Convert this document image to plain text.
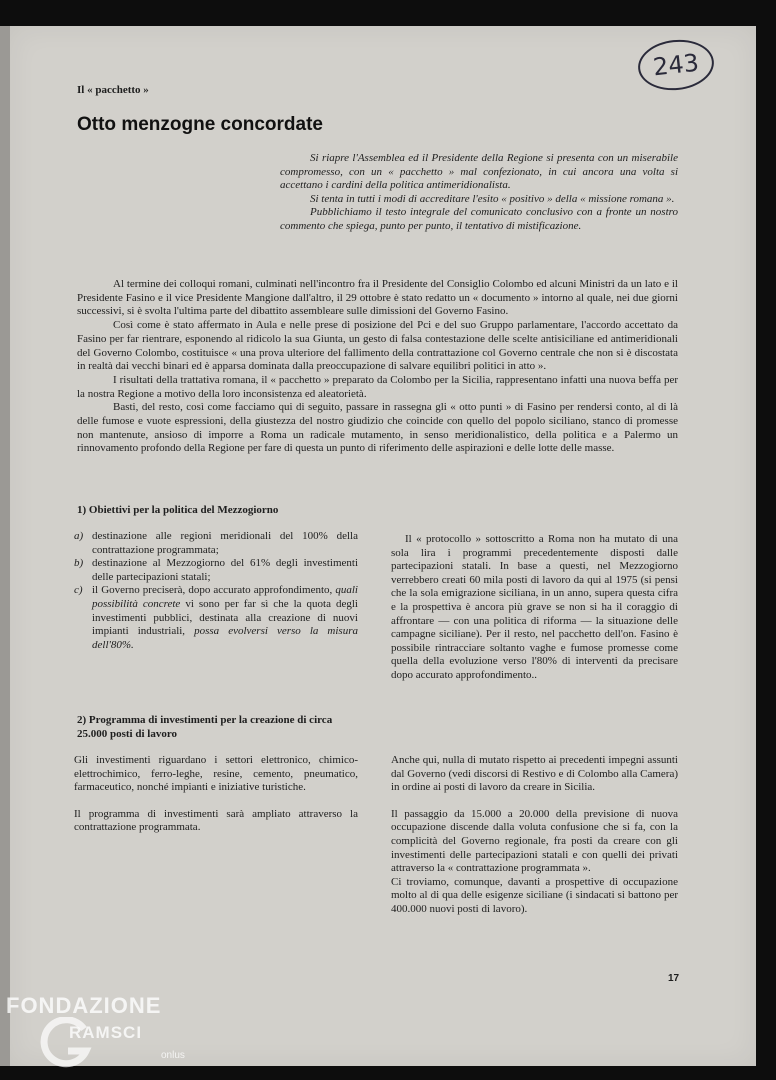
243
Il « pacchetto »
Otto menzogne concordate

Si riapre l'Assemblea ed il Presidente della Regione si presenta con un miserabile compromesso, con un « pacchetto » mal confezionato, in cui ancora una volta si accettano i cardini della politica antimeridionalista.

Si tenta in tutti i modi di accreditare l'esito « positivo » della « missione romana ».

Pubblichiamo il testo integrale del comunicato conclusivo con a fronte un nostro commento che spiega, punto per punto, il tentativo di mistificazione.

Al termine dei colloqui romani, culminati nell'incontro fra il Presidente del Consiglio Colombo ed alcuni Ministri da un lato e il Presidente Fasino e il vice Presidente Mangione dall'altro, il 29 ottobre è stato redatto un « documento » intorno al quale, nei due giorni successivi, si è svolta l'ultima parte del dibattito assembleare sulle dimissioni del Governo Fasino.

Così come è stato affermato in Aula e nelle prese di posizione del Pci e del suo Gruppo parlamentare, l'accordo accettato da Fasino per far rientrare, esponendo al ridicolo la sua Giunta, un gesto di falsa contestazione delle scelte antisiciliane ed antimeridionali del Governo Colombo, costituisce « una prova ulteriore del fallimento della contrattazione col Governo centrale che non si è discostata in realtà dai vecchi binari ed è apparsa dominata dalla preoccupazione di salvare equilibri politici in atto ».

I risultati della trattativa romana, il « pacchetto » preparato da Colombo per la Sicilia, rappresentano infatti una nuova beffa per la nostra Regione a motivo della loro inconsistenza ed aleatorietà.

Basti, del resto, così come facciamo qui di seguito, passare in rassegna gli « otto punti » di Fasino per rendersi conto, al di là delle fumose e vuote espressioni, della giustezza del nostro giudizio che coincide con quello del popolo siciliano, stanco di promesse non mantenute, ansioso di imporre a Roma un radicale mutamento, in senso meridionalistico, della politica e a Palermo un rinnovamento profondo della Regione per fare di questa un punto di riferimento delle aspirazioni e delle lotte delle masse.

1) Obiettivi per la politica del Mezzogiorno
a) destinazione alle regioni meridionali del 100% della contrattazione programmata;
b) destinazione al Mezzogiorno del 61% degli investimenti delle partecipazioni statali;
c) il Governo preciserà, dopo accurato approfondimento, quali possibilità concrete vi sono per far sì che la quota degli investimenti pubblici, destinata alla creazione di nuovi impianti industriali, possa evolversi verso la misura dell'80%.
Il « protocollo » sottoscritto a Roma non ha mutato di una sola lira i programmi precedentemente disposti dalle partecipazioni statali. In base a questi, nel Mezzogiorno verrebbero creati 60 mila posti di lavoro da qui al 1975 (si pensi che la sola emigrazione siciliana, in un anno, supera questa cifra e la prospettiva è ancora più grave se non si ha il coraggio di affrontare — con una politica di riforma — la situazione delle campagne siciliane). Per il resto, nel pacchetto dell'on. Fasino è possibile rintracciare soltanto vaghe e fumose promesse come quella della evoluzione verso l'80% di interventi da precisare dopo accurato approfondimento..
2) Programma di investimenti per la creazione di circa 25.000 posti di lavoro

Gli investimenti riguardano i settori elettronico, chimico-elettrochimico, ferro-leghe, resine, cemento, pneumatico, farmaceutico, nonché impianti e iniziative turistiche.

Il programma di investimenti sarà ampliato attraverso la contrattazione programmata.

Anche qui, nulla di mutato rispetto ai precedenti impegni assunti dal Governo (vedi discorsi di Restivo e di Colombo alla Camera) in ordine ai posti di lavoro da creare in Sicilia.

Il passaggio da 15.000 a 20.000 della previsione di nuova occupazione discende dalla voluta confusione che si fa, con la complicità del Governo regionale, fra posti da creare con gli investimenti delle partecipazioni statali e con quelli dei privati attraverso la « contrattazione programmata ».

Ci troviamo, comunque, davanti a prospettive di occupazione molto al di qua delle esigenze siciliane (i sindacati si battono per 400.000 nuovi posti di lavoro).

17
FONDAZIONE
RAMSCI
onlus
